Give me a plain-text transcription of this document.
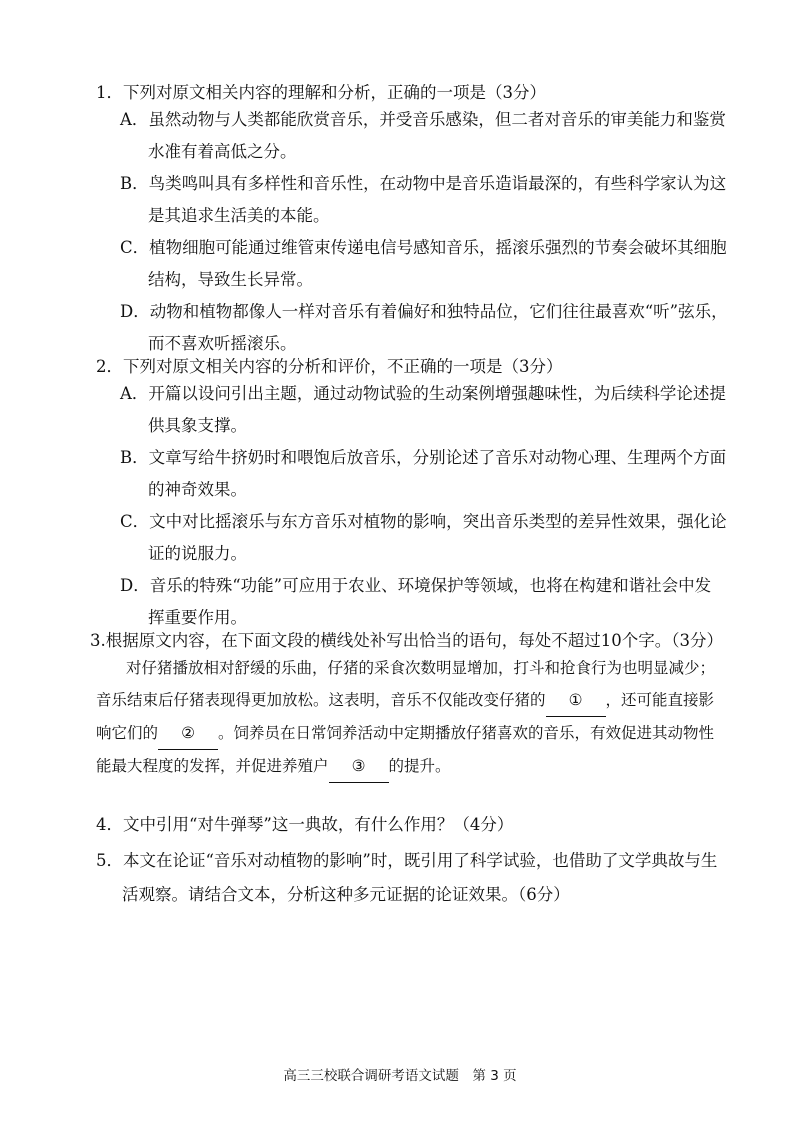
1．下列对原文相关内容的理解和分析，正确的一项是（3分）
A．虽然动物与人类都能欣赏音乐，并受音乐感染，但二者对音乐的审美能力和鉴赏
水准有着高低之分。
B．鸟类鸣叫具有多样性和音乐性，在动物中是音乐造诣最深的，有些科学家认为这
是其追求生活美的本能。
C．植物细胞可能通过维管束传递电信号感知音乐，摇滚乐强烈的节奏会破坏其细胞
结构，导致生长异常。
D．动物和植物都像人一样对音乐有着偏好和独特品位，它们往往最喜欢“听”弦乐，
而不喜欢听摇滚乐。
2．下列对原文相关内容的分析和评价，不正确的一项是（3分）
A．开篇以设问引出主题，通过动物试验的生动案例增强趣味性，为后续科学论述提
供具象支撑。
B．文章写给牛挤奶时和喂饱后放音乐，分别论述了音乐对动物心理、生理两个方面
的神奇效果。
C．文中对比摇滚乐与东方音乐对植物的影响，突出音乐类型的差异性效果，强化论
证的说服力。
D．音乐的特殊“功能”可应用于农业、环境保护等领域，也将在构建和谐社会中发
挥重要作用。
3.根据原文内容，在下面文段的横线处补写出恰当的语句，每处不超过10个字。（3分）
对仔猪播放相对舒缓的乐曲，仔猪的采食次数明显增加，打斗和抢食行为也明显减少；
音乐结束后仔猪表现得更加放松。这表明，音乐不仅能改变仔猪的 ① ，还可能直接影
响它们的 ② 。饲养员在日常饲养活动中定期播放仔猪喜欢的音乐，有效促进其动物性
能最大程度的发挥，并促进养殖户 ③ 的提升。
4．文中引用“对牛弹琴”这一典故，有什么作用？（4分）
5．本文在论证“音乐对动植物的影响”时，既引用了科学试验，也借助了文学典故与生
活观察。请结合文本，分析这种多元证据的论证效果。（6分）
高三三校联合调研考语文试题　第 3 页
